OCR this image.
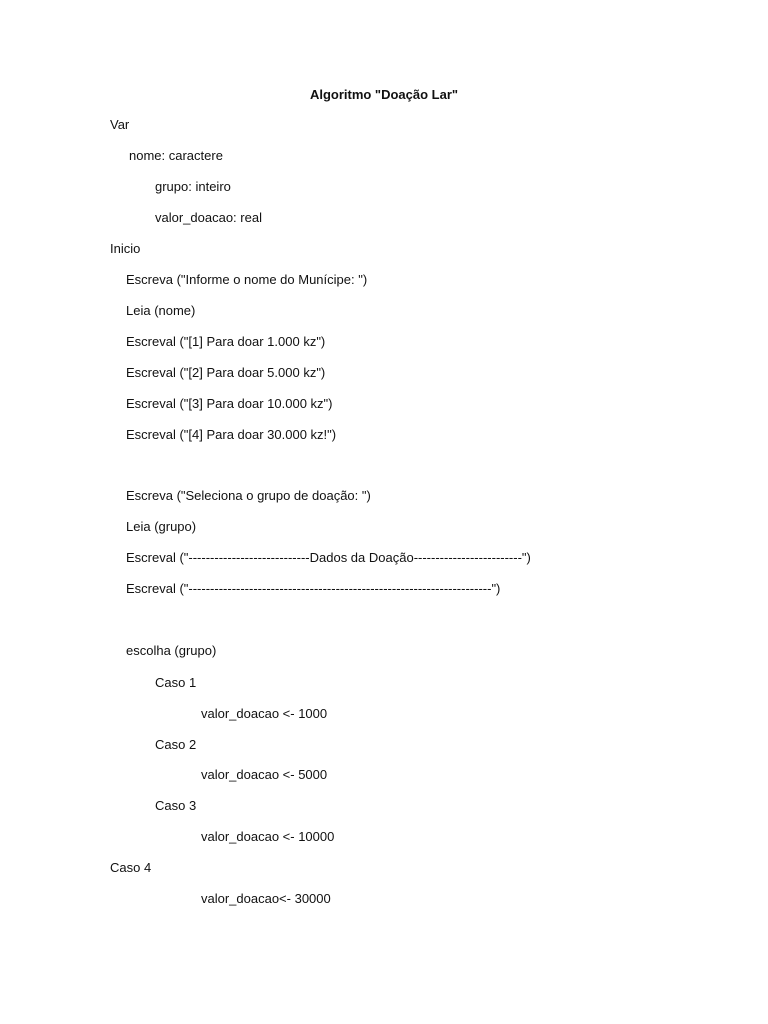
Algoritmo "Doação Lar"
Var
nome: caractere
grupo: inteiro
valor_doacao: real
Inicio
Escreva ("Informe o nome do Munícipe: ")
Leia (nome)
Escreval ("[1] Para doar 1.000 kz")
Escreval ("[2] Para doar 5.000 kz")
Escreval ("[3] Para doar 10.000 kz")
Escreval ("[4] Para doar 30.000 kz!")
Escreva ("Seleciona o grupo de doação: ")
Leia (grupo)
Escreval ("----------------------------Dados da Doação-------------------------")
Escreval ("----------------------------------------------------------------------")
escolha (grupo)
Caso 1
valor_doacao <- 1000
Caso 2
valor_doacao <- 5000
Caso 3
valor_doacao <- 10000
Caso 4
valor_doacao<- 30000
